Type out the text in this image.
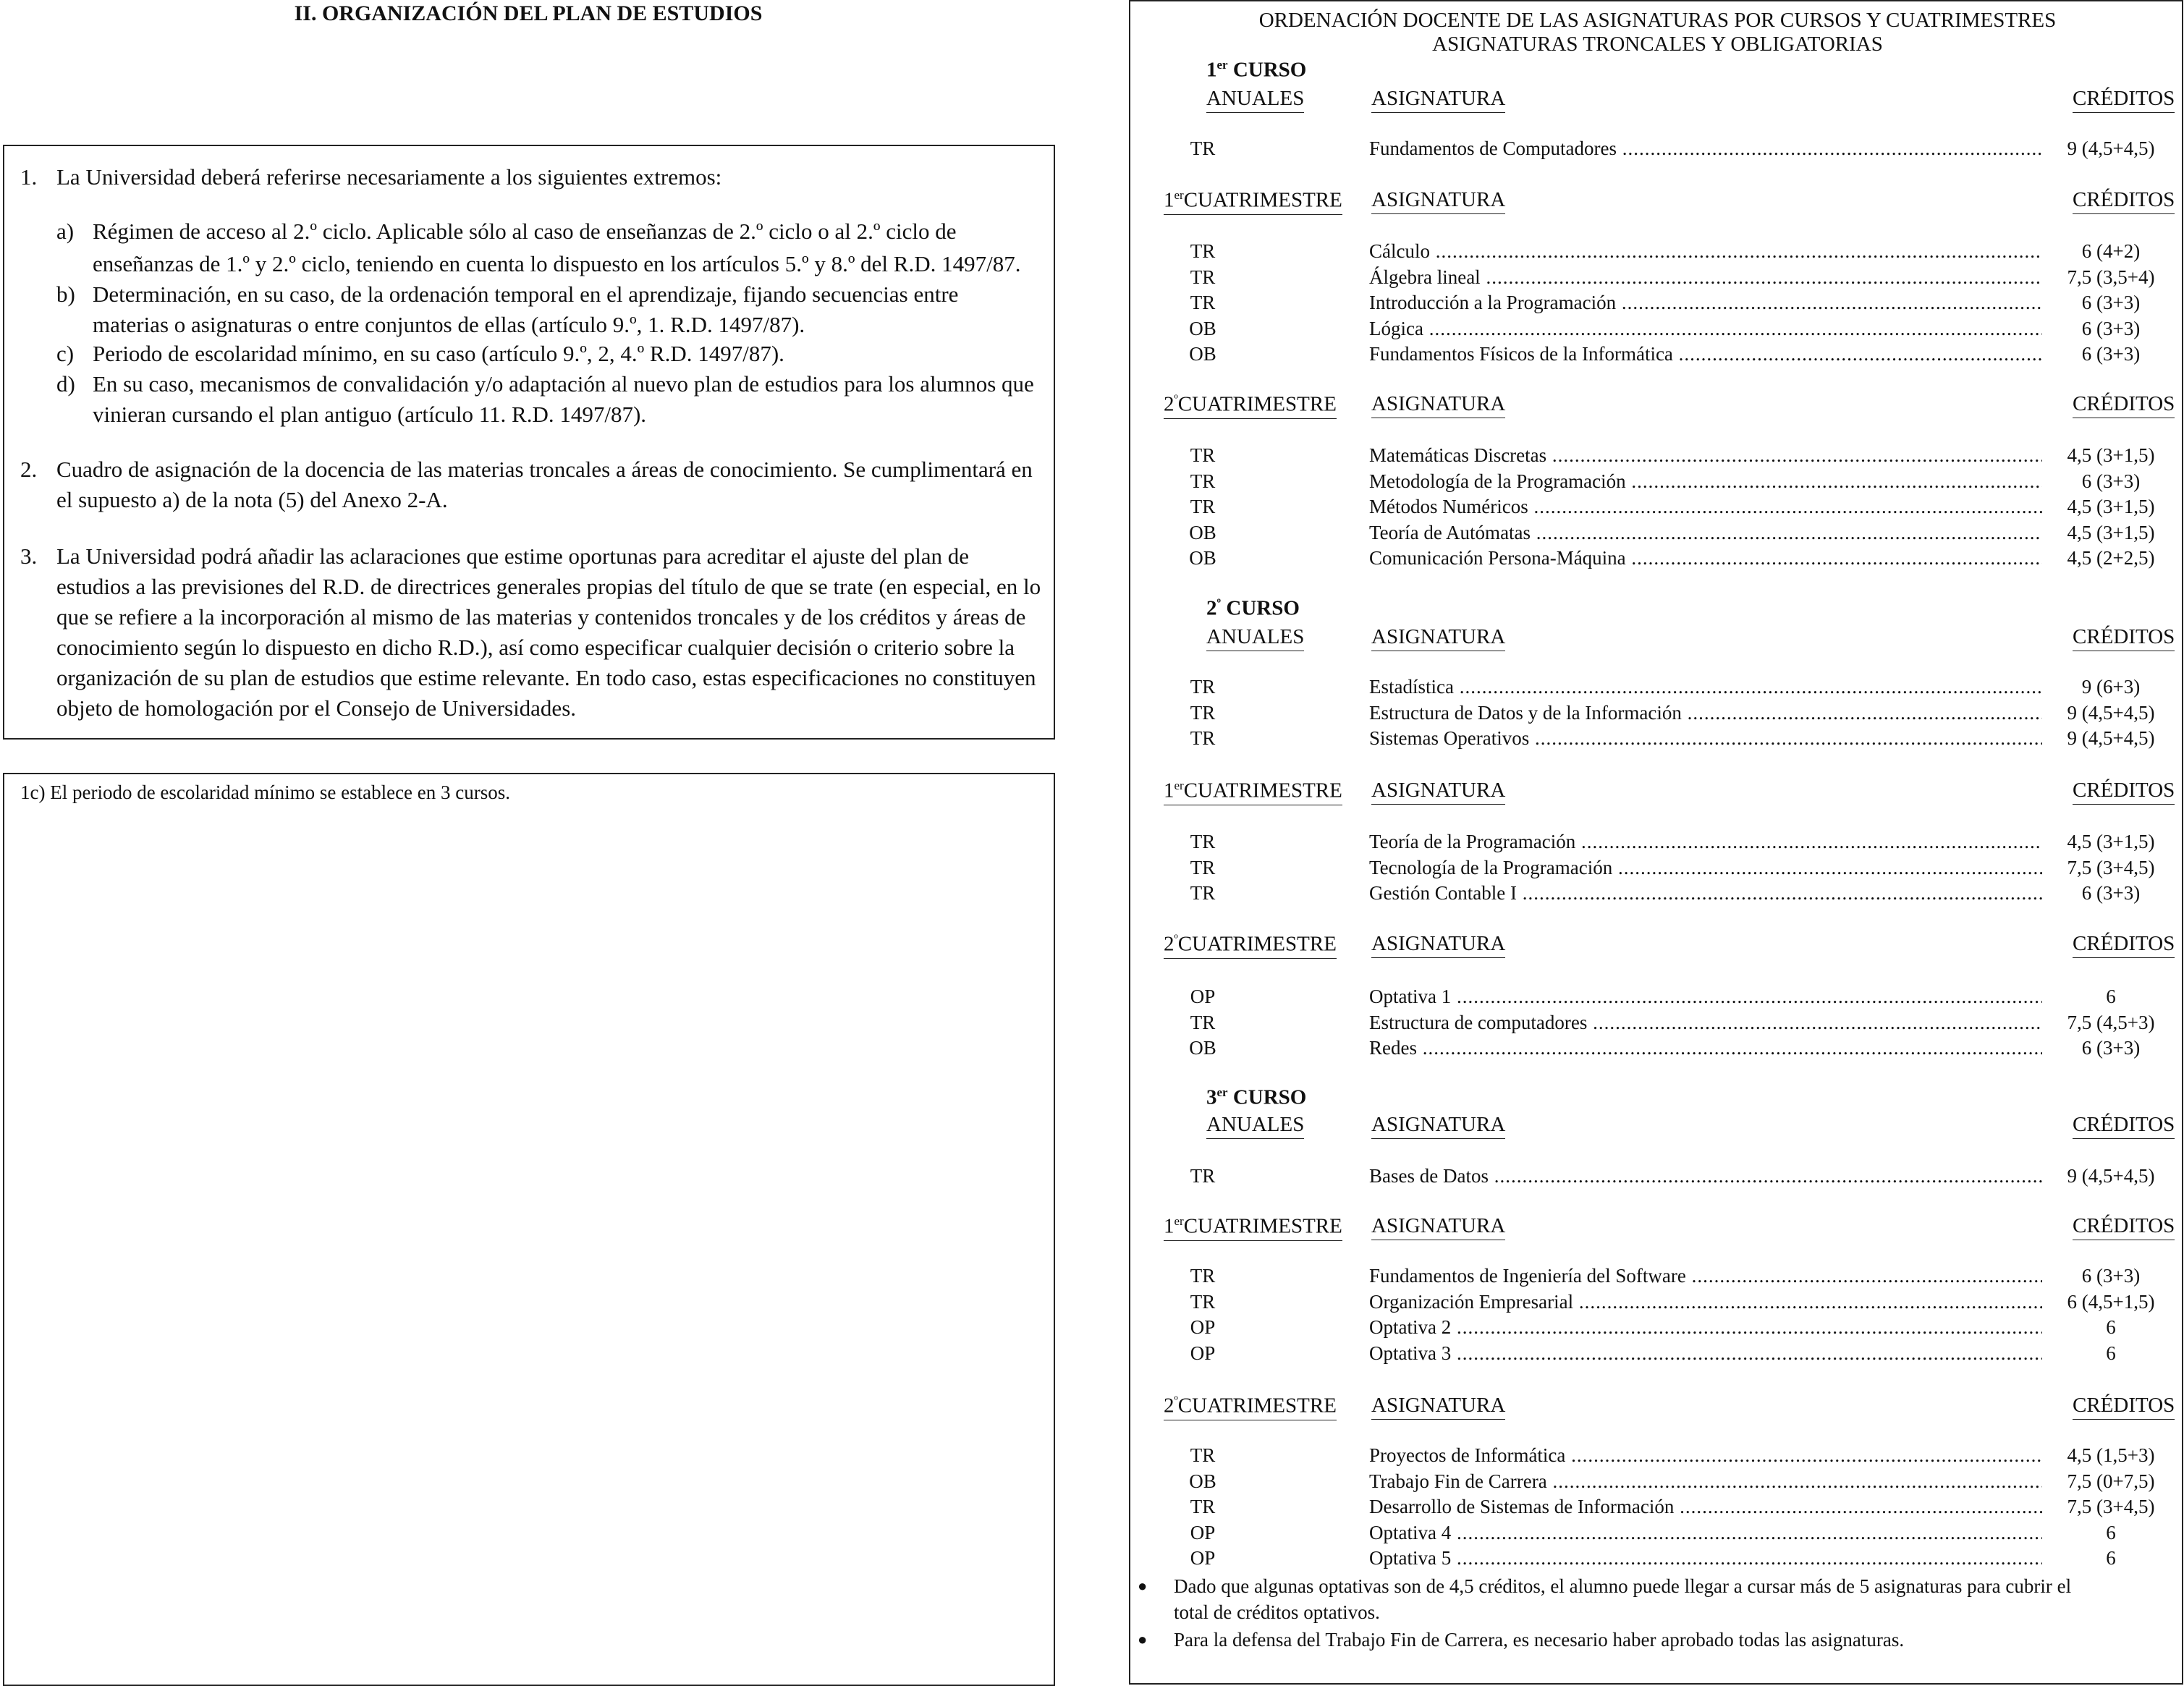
II. ORGANIZACIÓN DEL PLAN DE ESTUDIOS
1. La Universidad deberá referirse necesariamente a los siguientes extremos:
a) Régimen de acceso al 2.º ciclo. Aplicable sólo al caso de enseñanzas de 2.º ciclo o al 2.º ciclo de
enseñanzas de 1.º y 2.º ciclo, teniendo en cuenta lo dispuesto en los artículos 5.º y 8.º del R.D. 1497/87.
b) Determinación, en su caso, de la ordenación temporal en el aprendizaje, fijando secuencias entre
materias o asignaturas o entre conjuntos de ellas (artículo 9.º, 1. R.D. 1497/87).
c) Periodo de escolaridad mínimo, en su caso (artículo 9.º, 2, 4.º R.D. 1497/87).
d) En su caso, mecanismos de convalidación y/o adaptación al nuevo plan de estudios para los alumnos que
vinieran cursando el plan antiguo (artículo 11. R.D. 1497/87).
2. Cuadro de asignación de la docencia de las materias troncales a áreas de conocimiento. Se cumplimentará en
el supuesto a) de la nota (5) del Anexo 2-A.
3. La Universidad podrá añadir las aclaraciones que estime oportunas para acreditar el ajuste del plan de
estudios a las previsiones del R.D. de directrices generales propias del título de que se trate (en especial, en lo
que se refiere a la incorporación al mismo de las materias y contenidos troncales y de los créditos y áreas de
conocimiento según lo dispuesto en dicho R.D.), así como especificar cualquier decisión o criterio sobre la
organización de su plan de estudios que estime relevante. En todo caso, estas especificaciones no constituyen
objeto de homologación por el Consejo de Universidades.
1c) El periodo de escolaridad mínimo se establece en 3 cursos.
ORDENACIÓN DOCENTE DE LAS ASIGNATURAS POR CURSOS Y CUATRIMESTRES
ASIGNATURAS TRONCALES Y OBLIGATORIAS
1er CURSO
ANUALES	ASIGNATURA	CRÉDITOS
TR	Fundamentos de Computadores .....	9 (4,5+4,5)
1erCUATRIMESTRE ASIGNATURA	CRÉDITOS
TR	Cálculo .....	6 (4+2)
TR	Álgebra lineal .....	7,5 (3,5+4)
TR	Introducción a la Programación .....	6 (3+3)
OB	Lógica .....	6 (3+3)
OB	Fundamentos Físicos de la Informática .....	6 (3+3)
$2^ºCUATRIMESTRE$ ASIGNATURA	CRÉDITOS
TR	Matemáticas Discretas .....	4,5 (3+1,5)
TR	Metodología de la Programación .....	6 (3+3)
TR	Métodos Numéricos .....	4,5 (3+1,5)
OB	Teoría de Autómatas .....	4,5 (3+1,5)
OB	Comunicación Persona-Máquina .....	4,5 (2+2,5)
$2^º$ CURSO
ANUALES	ASIGNATURA	CRÉDITOS
TR	Estadística .....	9 (6+3)
TR	Estructura de Datos y de la Información .....	9 (4,5+4,5)
TR	Sistemas Operativos .....	9 (4,5+4,5)
1erCUATRIMESTRE ASIGNATURA	CRÉDITOS
TR	Teoría de la Programación .....	4,5 (3+1,5)
TR	Tecnología de la Programación .....	7,5 (3+4,5)
TR	Gestión Contable I .....	6 (3+3)
$2^ºCUATRIMESTRE$ ASIGNATURA	CRÉDITOS
OP	Optativa 1 .....	6
TR	Estructura de computadores .....	7,5 (4,5+3)
OB	Redes .....	6 (3+3)
3er CURSO
ANUALES	ASIGNATURA	CRÉDITOS
TR	Bases de Datos .....	9 (4,5+4,5)
1erCUATRIMESTRE ASIGNATURA	CRÉDITOS
TR	Fundamentos de Ingeniería del Software .....	6 (3+3)
TR	Organización Empresarial .....	6 (4,5+1,5)
OP	Optativa 2 .....	6
OP	Optativa 3 .....	6
$2^ºCUATRIMESTRE$ ASIGNATURA	CRÉDITOS
TR	Proyectos de Informática .....	4,5 (1,5+3)
OB	Trabajo Fin de Carrera .....	7,5 (0+7,5)
TR	Desarrollo de Sistemas de Información .....	7,5 (3+4,5)
OP	Optativa 4 .....	6
OP	Optativa 5 .....	6
● Dado que algunas optativas son de 4,5 créditos, el alumno puede llegar a cursar más de 5 asignaturas para cubrir el
total de créditos optativos.
● Para la defensa del Trabajo Fin de Carrera, es necesario haber aprobado todas las asignaturas.
